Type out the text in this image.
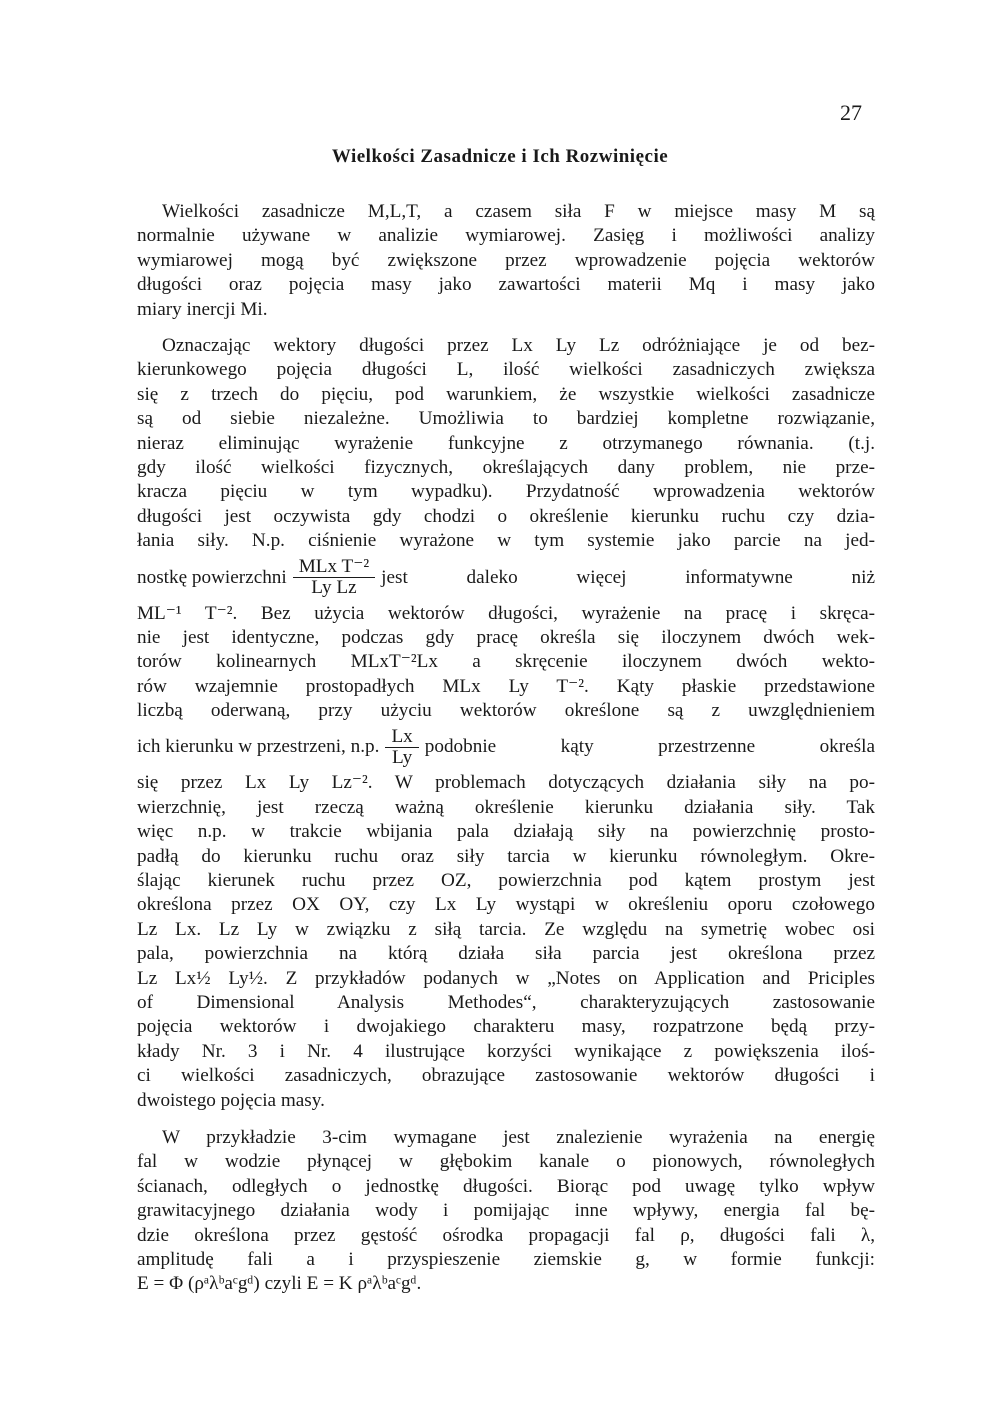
27
Wielkości Zasadnicze i Ich Rozwinięcie
Wielkości zasadnicze M,L,T, a czasem siła F w miejsce masy M są
normalnie używane w analizie wymiarowej. Zasięg i możliwości analizy
wymiarowej mogą być zwiększone przez wprowadzenie pojęcia wektorów
długości oraz pojęcia masy jako zawartości materii Mq i masy jako
miary inercji Mi.
Oznaczając wektory długości przez Lx Ly Lz odróżniające je od bez-
kierunkowego pojęcia długości L, ilość wielkości zasadniczych zwiększa
się z trzech do pięciu, pod warunkiem, że wszystkie wielkości zasadnicze
są od siebie niezależne. Umożliwia to bardziej kompletne rozwiązanie,
nieraz eliminując wyrażenie funkcyjne z otrzymanego równania. (t.j.
gdy ilość wielkości fizycznych, określających dany problem, nie prze-
kracza pięciu w tym wypadku). Przydatność wprowadzenia wektorów
długości jest oczywista gdy chodzi o określenie kierunku ruchu czy dzia-
łania siły. N.p. ciśnienie wyrażone w tym systemie jako parcie na jed-
nostkę powierzchni $\frac{\text{MLx T⁻²}}{\text{Ly Lz}}$ jest daleko więcej informatywne niż
ML⁻¹ T⁻². Bez użycia wektorów długości, wyrażenie na pracę i skręca-
nie jest identyczne, podczas gdy pracę określa się iloczynem dwóch wek-
torów kolinearnych MLxT⁻²Lx a skręcenie iloczynem dwóch wekto-
rów wzajemnie prostopadłych MLx Ly T⁻². Kąty płaskie przedstawione
liczbą oderwaną, przy użyciu wektorów określone są z uwzględnieniem
ich kierunku w przestrzeni, n.p. $\frac{Lx}{Ly}$ podobnie kąty przestrzenne określa
się przez Lx Ly Lz⁻². W problemach dotyczących działania siły na po-
wierzchnię, jest rzeczą ważną określenie kierunku działania siły. Tak
więc n.p. w trakcie wbijania pala działają siły na powierzchnię prosto-
padłą do kierunku ruchu oraz siły tarcia w kierunku równoległym. Okre-
ślając kierunek ruchu przez OZ, powierzchnia pod kątem prostym jest
określona przez OX OY, czy Lx Ly wystąpi w określeniu oporu czołowego
Lz Lx. Lz Ly w związku z siłą tarcia. Ze względu na symetrię wobec osi
pala, powierzchnia na którą działa siła parcia jest określona przez
Lz Lx½ Ly½. Z przykładów podanych w „Notes on Application and Priciples
of Dimensional Analysis Methodes“, charakteryzujących zastosowanie
pojęcia wektorów i dwojakiego charakteru masy, rozpatrzone będą przy-
kłady Nr. 3 i Nr. 4 ilustrujące korzyści wynikające z powiększenia iloś-
ci wielkości zasadniczych, obrazujące zastosowanie wektorów długości i
dwoistego pojęcia masy.
W przykładzie 3-cim wymagane jest znalezienie wyrażenia na energię
fal w wodzie płynącej w głębokim kanale o pionowych, równoległych
ścianach, odległych o jednostkę długości. Biorąc pod uwagę tylko wpływ
grawitacyjnego działania wody i pomijając inne wpływy, energia fal bę-
dzie określona przez gęstość ośrodka propagacji fal ρ, długości fali λ,
amplitudę fali a i przyspieszenie ziemskie g, w formie funkcji:
E = Φ (ρᵃλᵇaᶜgᵈ) czyli E = K ρᵃλᵇaᶜgᵈ.
